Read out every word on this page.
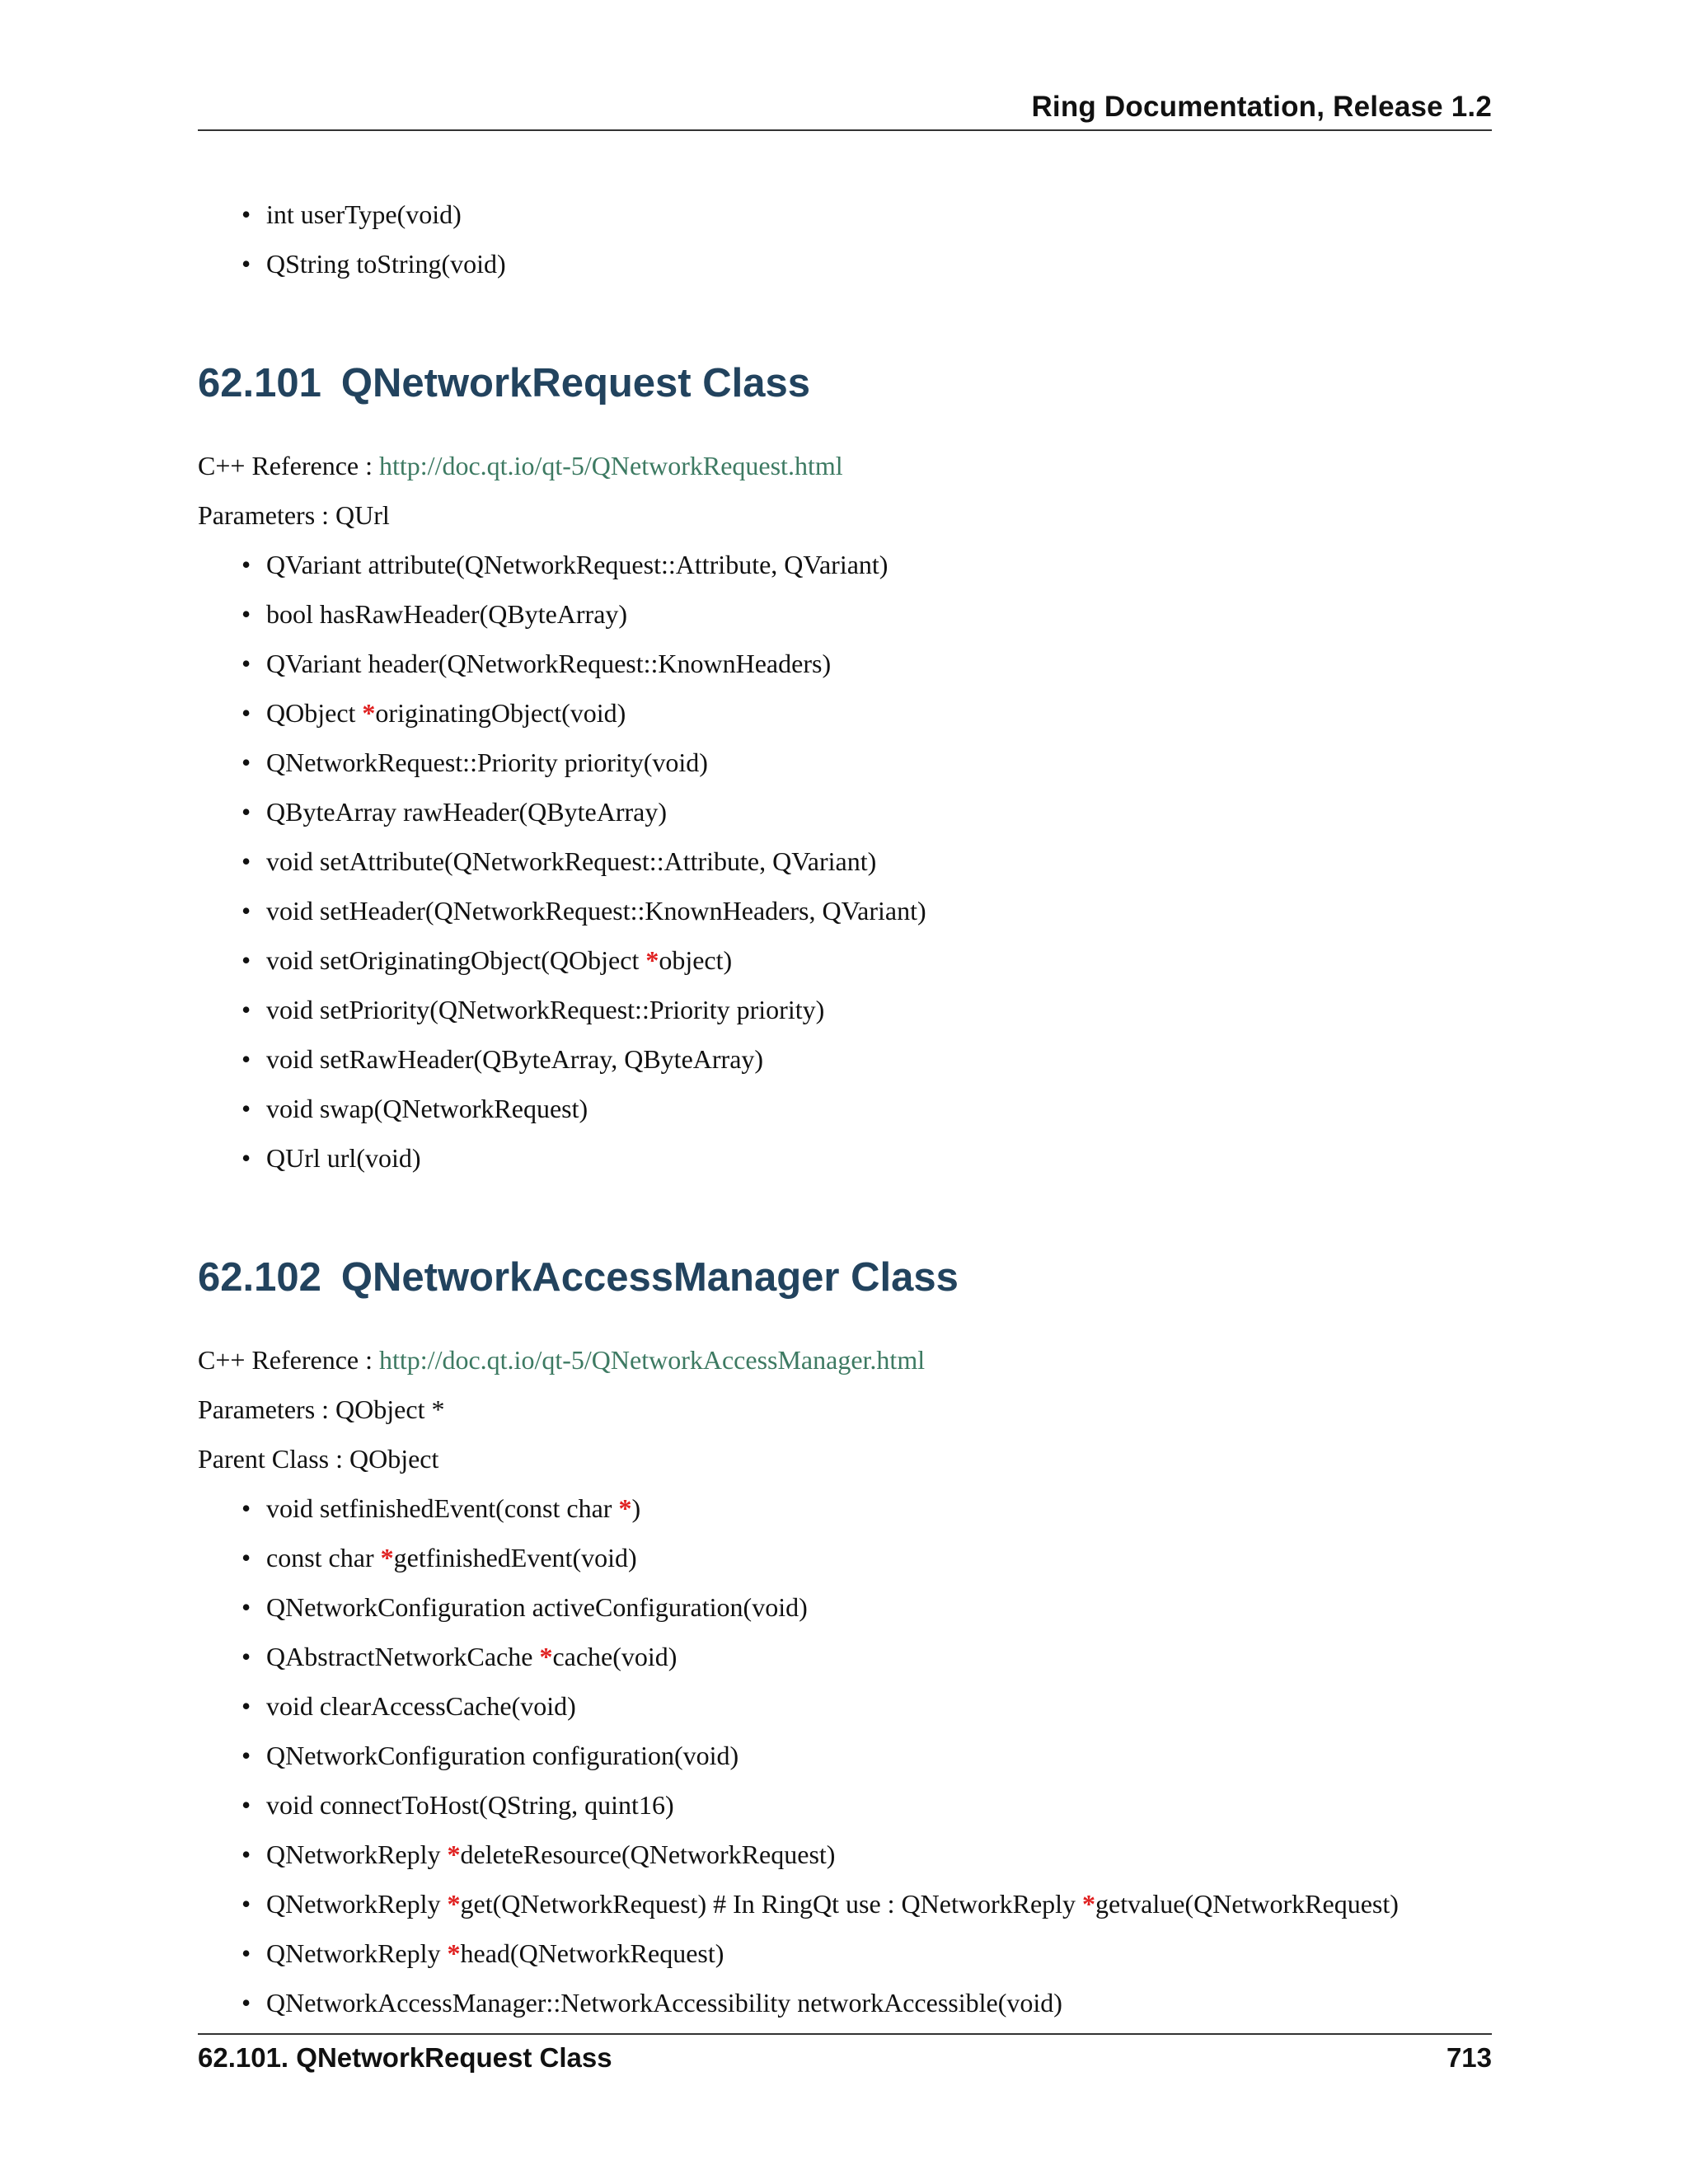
Ring Documentation, Release 1.2
• int userType(void)
• QString toString(void)
62.101 QNetworkRequest Class

C++ Reference : http://doc.qt.io/qt-5/QNetworkRequest.html

Parameters : QUrl

• QVariant attribute(QNetworkRequest::Attribute, QVariant)
• bool hasRawHeader(QByteArray)
• QVariant header(QNetworkRequest::KnownHeaders)
• QObject *originatingObject(void)
• QNetworkRequest::Priority priority(void)
• QByteArray rawHeader(QByteArray)
• void setAttribute(QNetworkRequest::Attribute, QVariant)
• void setHeader(QNetworkRequest::KnownHeaders, QVariant)
• void setOriginatingObject(QObject *object)
• void setPriority(QNetworkRequest::Priority priority)
• void setRawHeader(QByteArray, QByteArray)
• void swap(QNetworkRequest)
• QUrl url(void)
62.102 QNetworkAccessManager Class

C++ Reference : http://doc.qt.io/qt-5/QNetworkAccessManager.html

Parameters : QObject *

Parent Class : QObject

• void setfinishedEvent(const char *)
• const char *getfinishedEvent(void)
• QNetworkConfiguration activeConfiguration(void)
• QAbstractNetworkCache *cache(void)
• void clearAccessCache(void)
• QNetworkConfiguration configuration(void)
• void connectToHost(QString, quint16)
• QNetworkReply *deleteResource(QNetworkRequest)
• QNetworkReply *get(QNetworkRequest) # In RingQt use : QNetworkReply *getvalue(QNetworkRequest)
• QNetworkReply *head(QNetworkRequest)
• QNetworkAccessManager::NetworkAccessibility networkAccessible(void)
62.101. QNetworkRequest Class	713
